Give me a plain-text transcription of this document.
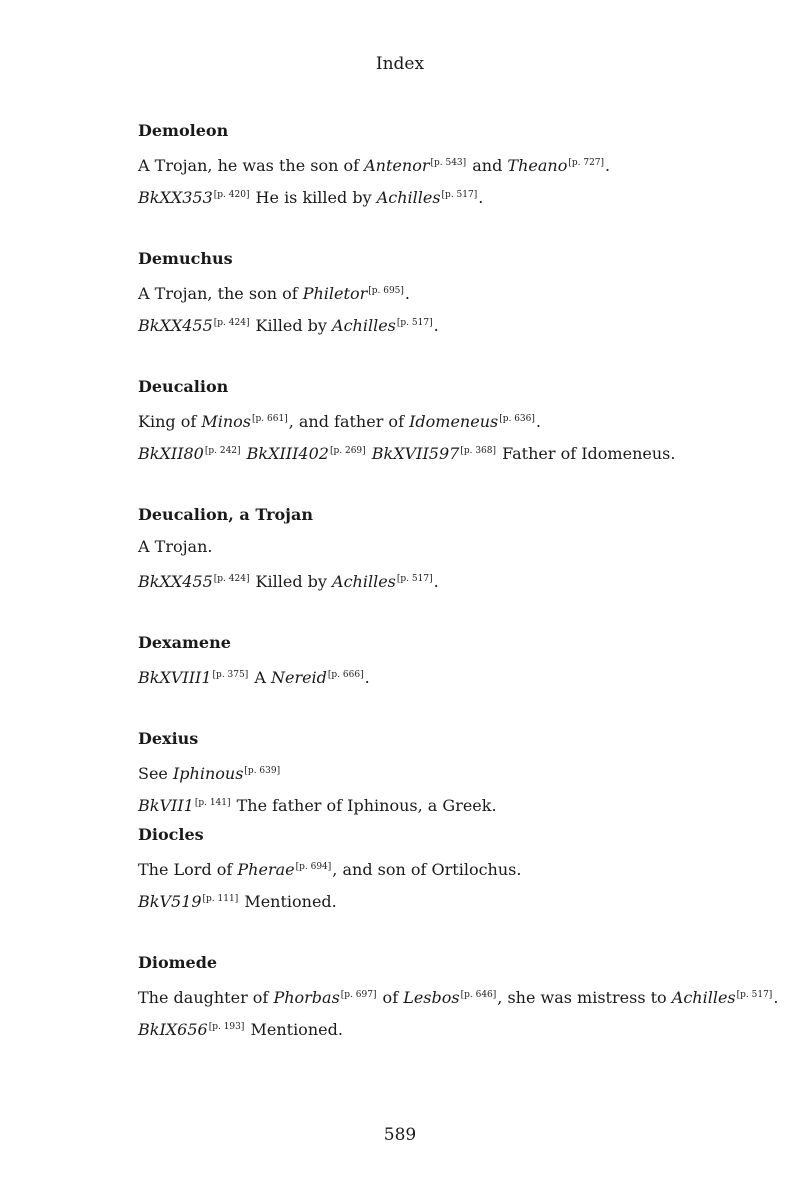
Index
Demoleon
A Trojan, he was the son of Antenor[p. 543] and Theano[p. 727].
BkXX353[p. 420] He is killed by Achilles[p. 517].
Demuchus
A Trojan, the son of Philetor[p. 695].
BkXX455[p. 424] Killed by Achilles[p. 517].
Deucalion
King of Minos[p. 661], and father of Idomeneus[p. 636].
BkXII80[p. 242] BkXIII402[p. 269] BkXVII597[p. 368] Father of Idomeneus.
Deucalion, a Trojan
A Trojan.
BkXX455[p. 424] Killed by Achilles[p. 517].
Dexamene
BkXVIII1[p. 375] A Nereid[p. 666].
Dexius
See Iphinous[p. 639]
BkVII1[p. 141] The father of Iphinous, a Greek.
Diocles
The Lord of Pherae[p. 694], and son of Ortilochus.
BkV519[p. 111] Mentioned.
Diomede
The daughter of Phorbas[p. 697] of Lesbos[p. 646], she was mistress to Achilles[p. 517].
BkIX656[p. 193] Mentioned.
589
